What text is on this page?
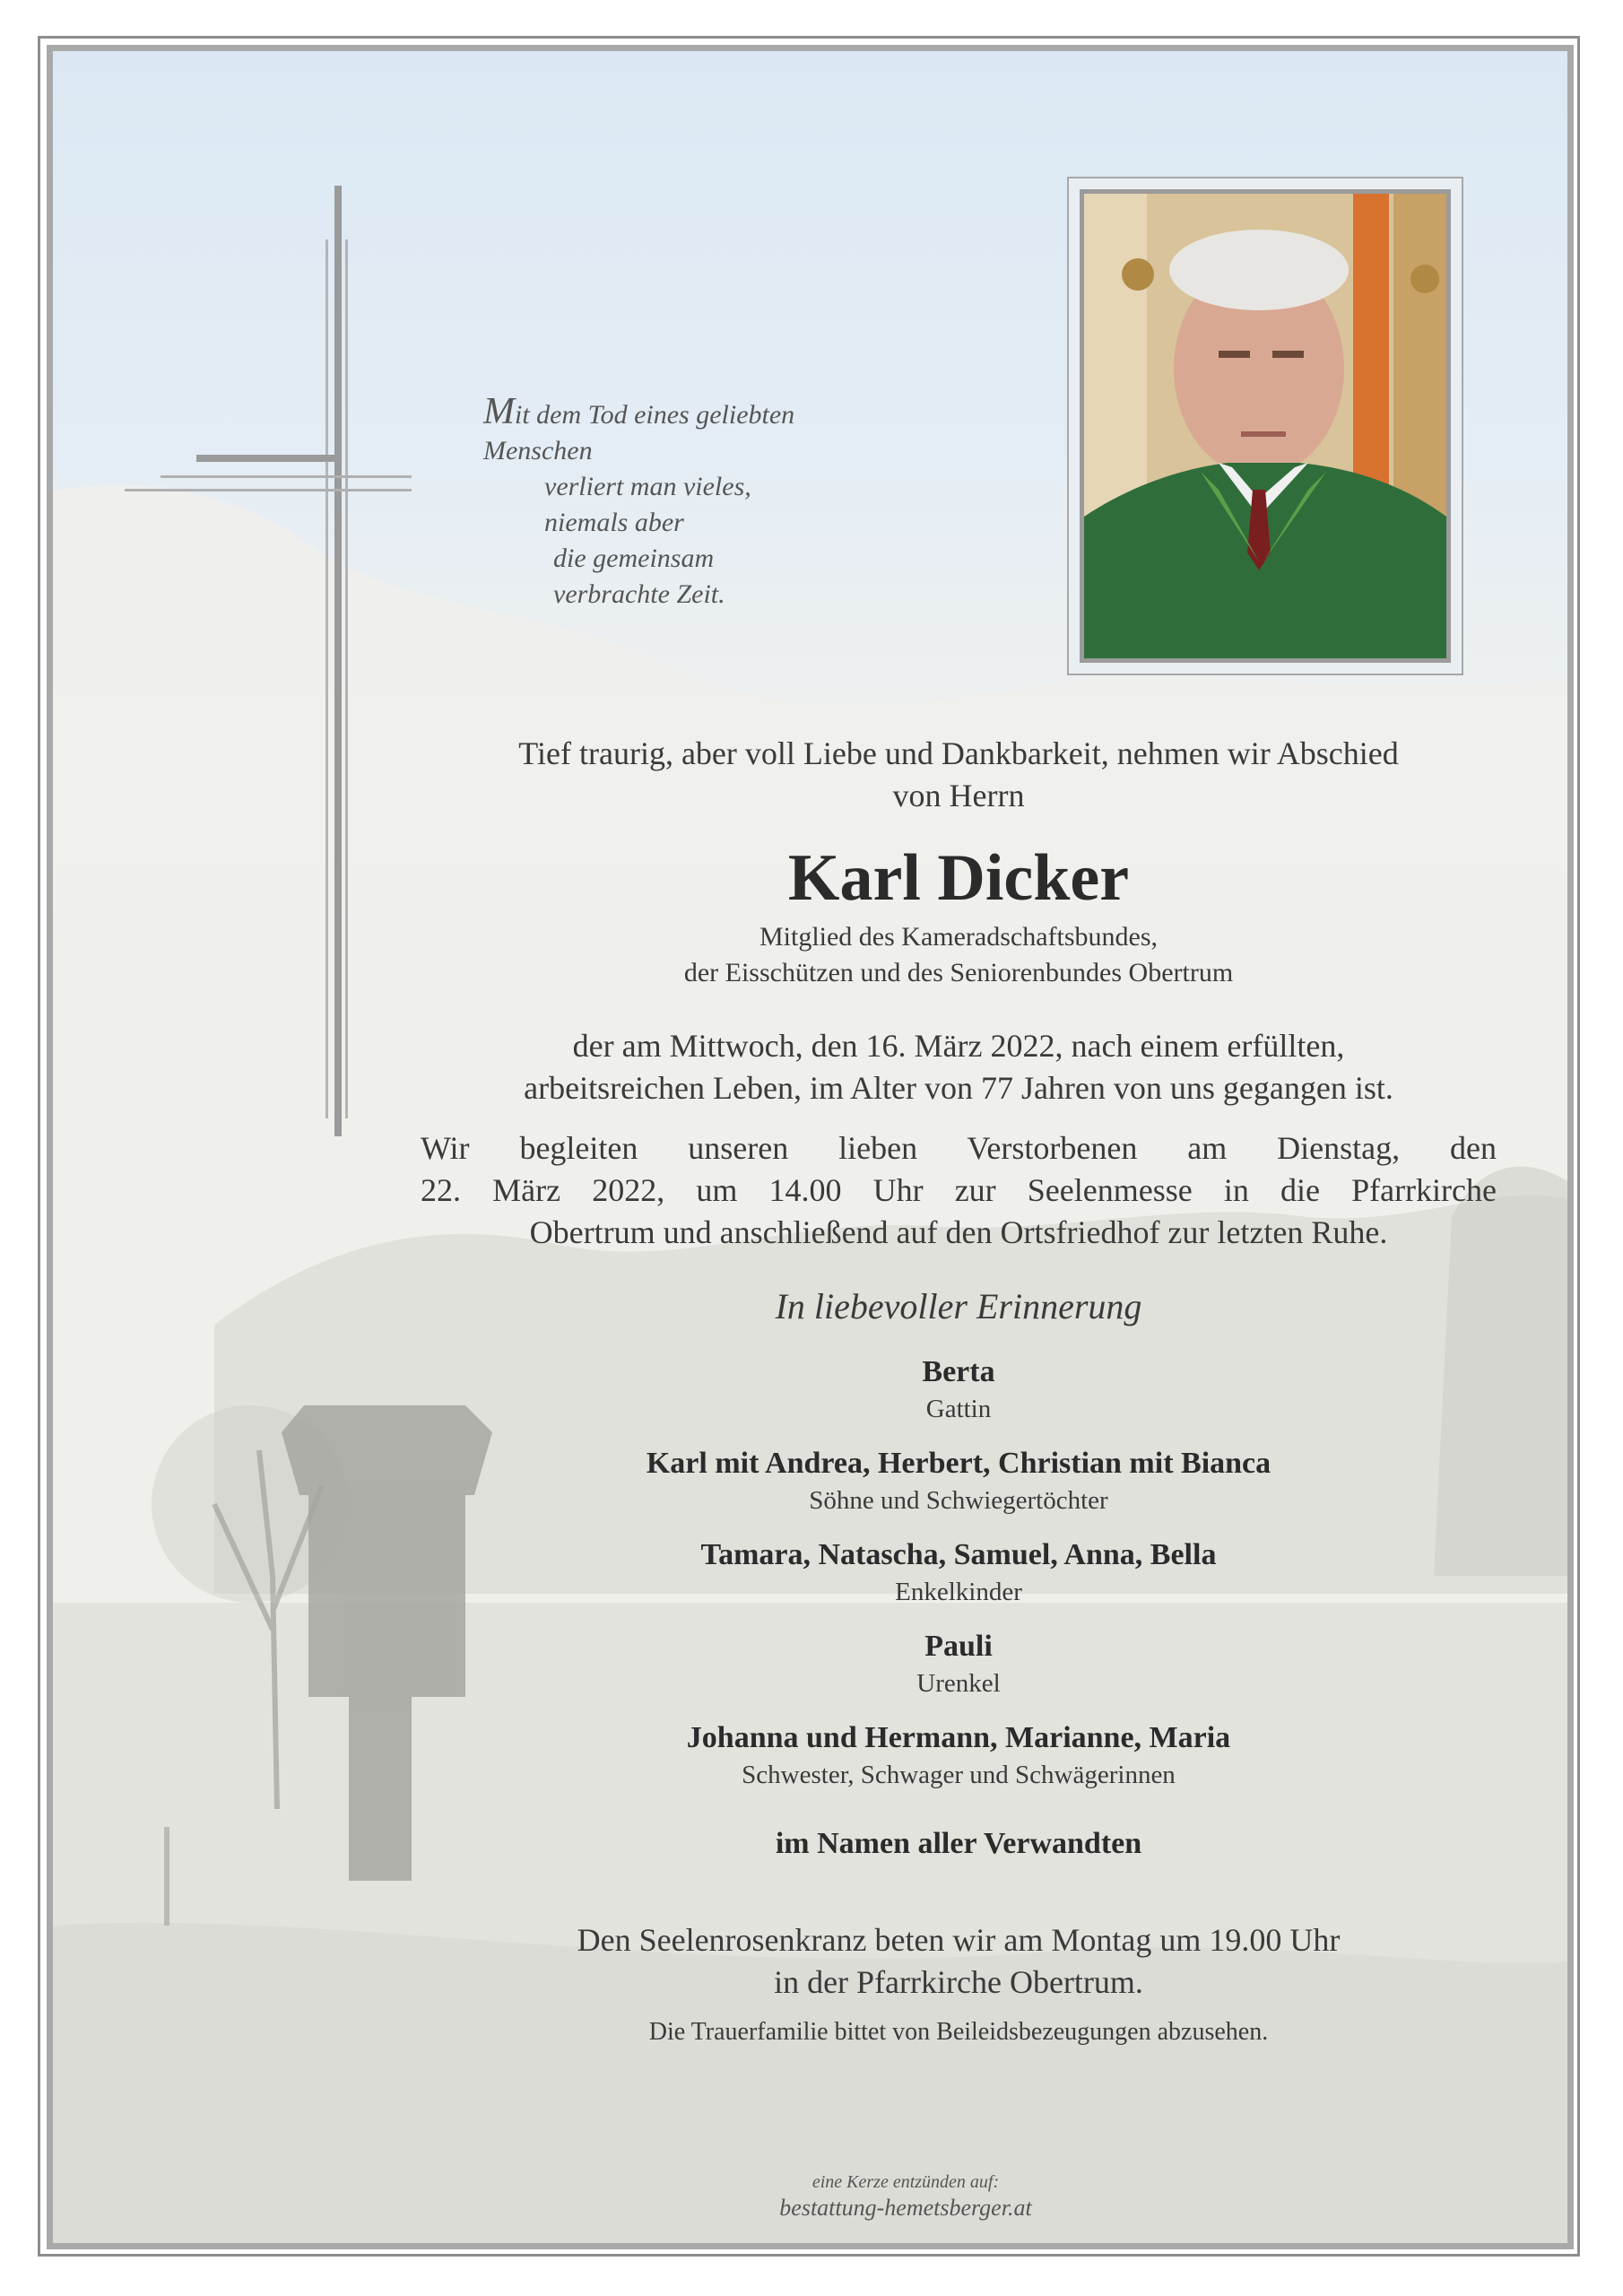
Mit dem Tod eines geliebten Menschen
verliert man vieles, niemals aber
die gemeinsam verbrachte Zeit.

Tief traurig, aber voll Liebe und Dankbarkeit, nehmen wir Abschied
von Herrn

Karl Dicker

Mitglied des Kameradschaftsbundes,
der Eisschützen und des Seniorenbundes Obertrum

der am Mittwoch, den 16. März 2022, nach einem erfüllten,
arbeitsreichen Leben, im Alter von 77 Jahren von uns gegangen ist.

Wir begleiten unseren lieben Verstorbenen am Dienstag, den
22. März 2022, um 14.00 Uhr zur Seelenmesse in die Pfarrkirche
Obertrum und anschließend auf den Ortsfriedhof zur letzten Ruhe.

In liebevoller Erinnerung

Berta
Gattin
Karl mit Andrea, Herbert, Christian mit Bianca
Söhne und Schwiegertöchter
Tamara, Natascha, Samuel, Anna, Bella
Enkelkinder
Pauli
Urenkel
Johanna und Hermann, Marianne, Maria
Schwester, Schwager und Schwägerinnen

im Namen aller Verwandten

Den Seelenrosenkranz beten wir am Montag um 19.00 Uhr
in der Pfarrkirche Obertrum.

Die Trauerfamilie bittet von Beileidsbezeugungen abzusehen.

eine Kerze entzünden auf:
bestattung-hemetsberger.at
